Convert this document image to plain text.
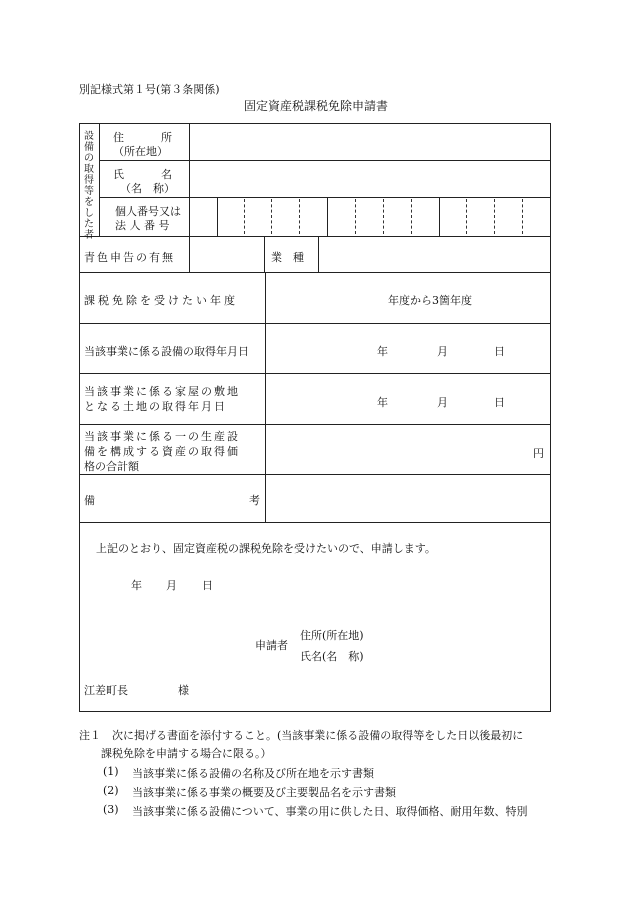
別記様式第１号(第３条関係)
固定資産税課税免除申請書
設備の取得等をした者
住　　　所
（所在地）
氏　　　名
（名　称）
個人番号又は
法 人 番 号
青色申告の有無	業　種
課税免除を受けたい年度	年度から3箇年度
当該事業に係る設備の取得年月日	年	月	日
当該事業に係る家屋の敷地
となる土地の取得年月日	年	月	日
当該事業に係る一の生産設
備を構成する資産の取得価
格の合計額
円
備	考
上記のとおり、固定資産税の課税免除を受けたいので、申請します。
年 月 日
申請者
住所(所在地)
氏名(名　称)
江差町長	様
注１　次に掲げる書面を添付すること。(当該事業に係る設備の取得等をした日以後最初に
課税免除を申請する場合に限る。）
(1) 当該事業に係る設備の名称及び所在地を示す書類
(2) 当該事業に係る事業の概要及び主要製品名を示す書類
(3) 当該事業に係る設備について、事業の用に供した日、取得価格、耐用年数、特別
